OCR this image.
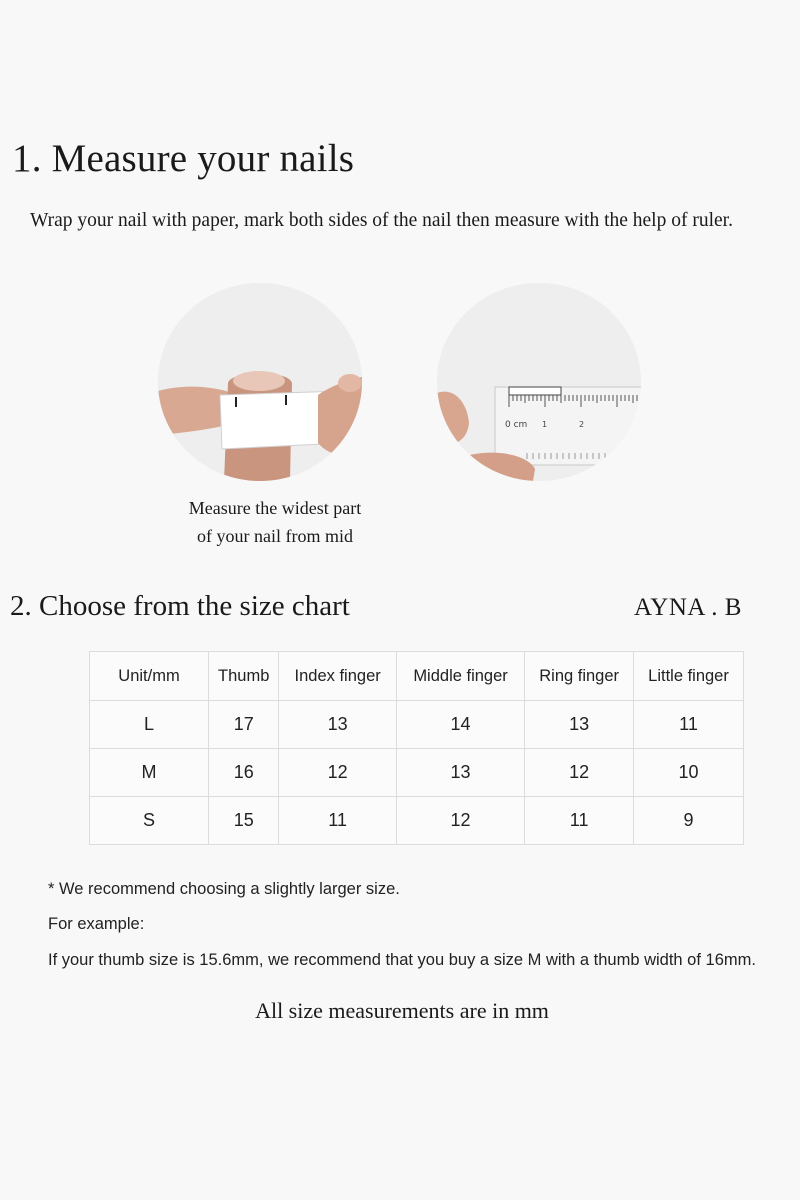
1. Measure your nails

Wrap your nail with paper, mark both sides of the nail then measure with the help of ruler.

0 cm 1	2
Measure the widest part
of your nail from mid
2. Choose from the size chart	AYNA . B
Unit/mm	Thumb	Index finger	Middle finger	Ring finger	Little finger
L	17	13	14	13	11
M	16	12	13	12	10
S	15	11	12	11	9

* We recommend choosing a slightly larger size.

For example:

If your thumb size is 15.6mm, we recommend that you buy a size M with a thumb width of 16mm.

All size measurements are in mm
